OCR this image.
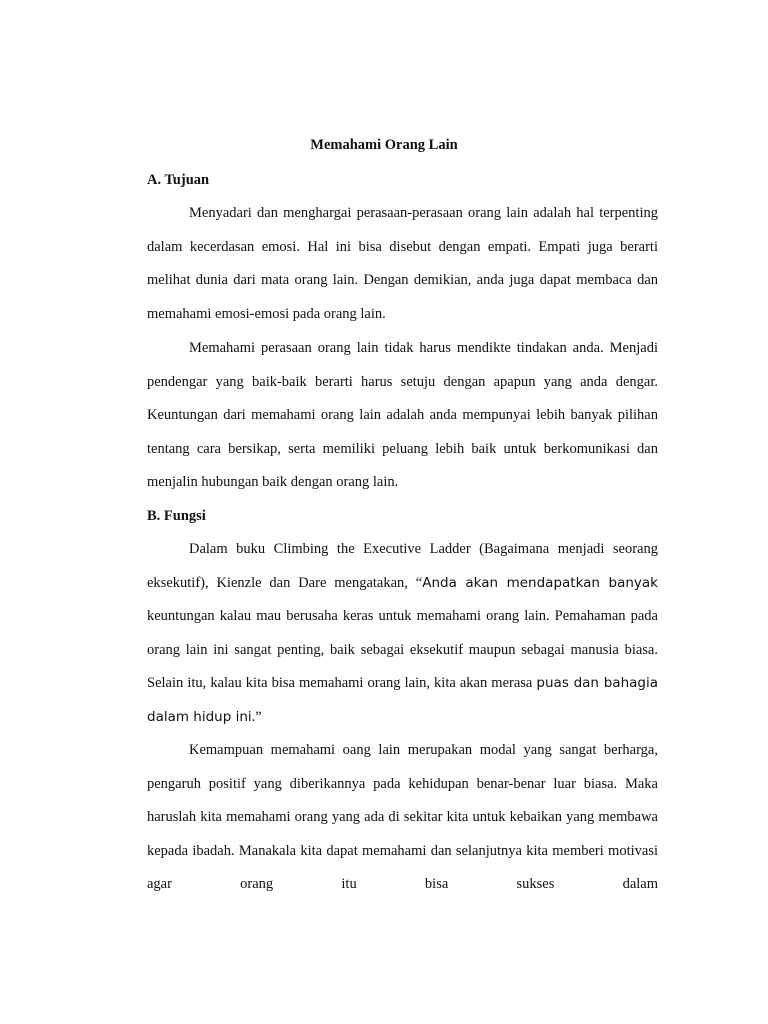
Memahami Orang Lain
A. Tujuan

Menyadari dan menghargai perasaan-perasaan orang lain adalah hal terpenting dalam kecerdasan emosi. Hal ini bisa disebut dengan empati. Empati juga berarti melihat dunia dari mata orang lain. Dengan demikian, anda juga dapat membaca dan memahami emosi-emosi pada orang lain.

Memahami perasaan orang lain tidak harus mendikte tindakan anda. Menjadi pendengar yang baik-baik berarti harus setuju dengan apapun yang anda dengar. Keuntungan dari memahami orang lain adalah anda mempunyai lebih banyak pilihan tentang cara bersikap, serta memiliki peluang lebih baik untuk berkomunikasi dan menjalin hubungan baik dengan orang lain.

B. Fungsi

Dalam buku Climbing the Executive Ladder (Bagaimana menjadi seorang eksekutif), Kienzle dan Dare mengatakan, “Anda akan mendapatkan banyak keuntungan kalau mau berusaha keras untuk memahami orang lain. Pemahaman pada orang lain ini sangat penting, baik sebagai eksekutif maupun sebagai manusia biasa. Selain itu, kalau kita bisa memahami orang lain, kita akan merasa puas dan bahagia dalam hidup ini.”

Kemampuan memahami oang lain merupakan modal yang sangat berharga, pengaruh positif yang diberikannya pada kehidupan benar-benar luar biasa. Maka haruslah kita memahami orang yang ada di sekitar kita untuk kebaikan yang membawa kepada ibadah. Manakala kita dapat memahami dan selanjutnya kita memberi motivasi agar orang itu bisa sukses dalam
